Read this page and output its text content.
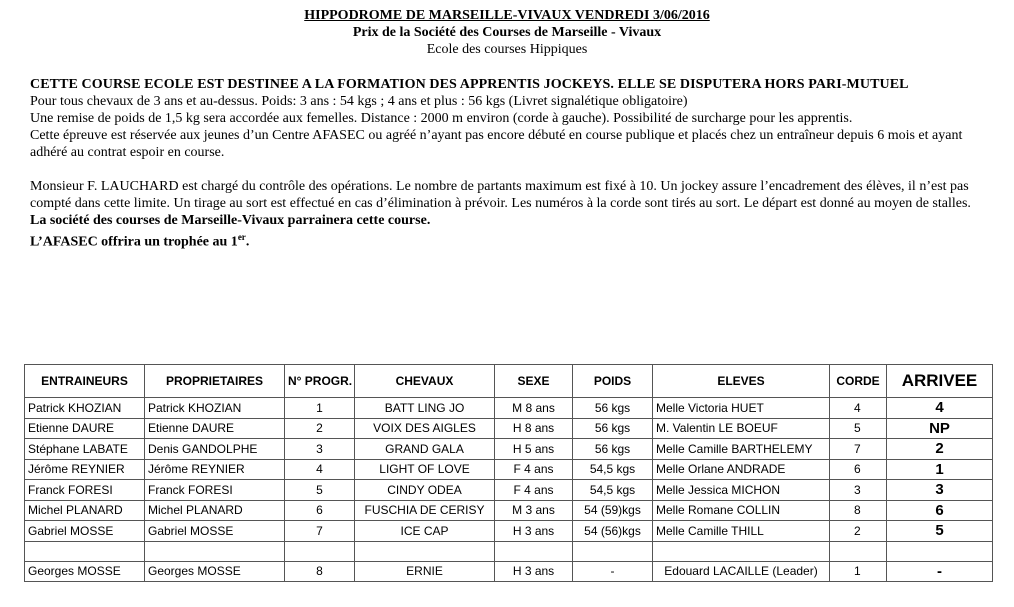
HIPPODROME DE MARSEILLE-VIVAUX VENDREDI 3/06/2016
Prix de la Société des Courses de Marseille - Vivaux
Ecole des courses Hippiques
CETTE COURSE ECOLE EST DESTINEE A LA FORMATION DES APPRENTIS JOCKEYS. ELLE SE DISPUTERA HORS PARI-MUTUEL
Pour tous chevaux de 3 ans et au-dessus. Poids: 3 ans : 54 kgs ; 4 ans et plus : 56 kgs (Livret signalétique obligatoire)
Une remise de poids de 1,5 kg sera accordée aux femelles. Distance : 2000 m environ (corde à gauche). Possibilité de surcharge pour les apprentis.
Cette épreuve est réservée aux jeunes d’un Centre AFASEC ou agréé n’ayant pas encore débuté en course publique et placés chez un entraîneur depuis 6 mois et ayant adhéré au contrat espoir en course.
Monsieur F. LAUCHARD est chargé du contrôle des opérations. Le nombre de partants maximum est fixé à 10. Un jockey assure l’encadrement des élèves, il n’est pas compté dans cette limite. Un tirage au sort est effectué en cas d’élimination à prévoir. Les numéros à la corde sont tirés au sort. Le départ est donné au moyen de stalles.
La société des courses de Marseille-Vivaux parrainera cette course.
L’AFASEC offrira un trophée au 1er.
ENTRAINEURS	PROPRIETAIRES	N° PROGR.	CHEVAUX	SEXE	POIDS	ELEVES	CORDE	ARRIVEE
Patrick KHOZIAN	Patrick KHOZIAN	1	BATT LING JO	M 8 ans	56 kgs	Melle Victoria HUET	4	4
Etienne DAURE	Etienne DAURE	2	VOIX DES AIGLES	H 8 ans	56 kgs	M. Valentin LE BOEUF	5	NP
Stéphane LABATE	Denis GANDOLPHE	3	GRAND GALA	H 5 ans	56 kgs	Melle Camille BARTHELEMY	7	2
Jérôme REYNIER	Jérôme REYNIER	4	LIGHT OF LOVE	F 4 ans	54,5 kgs	Melle Orlane ANDRADE	6	1
Franck FORESI	Franck FORESI	5	CINDY ODEA	F 4 ans	54,5 kgs	Melle Jessica MICHON	3	3
Michel PLANARD	Michel PLANARD	6	FUSCHIA DE CERISY	M 3 ans	54 (59)kgs	Melle Romane COLLIN	8	6
Gabriel MOSSE	Gabriel MOSSE	7	ICE CAP	H 3 ans	54 (56)kgs	Melle Camille THILL	2	5

Georges MOSSE	Georges MOSSE	8	ERNIE	H 3 ans	-	Edouard LACAILLE (Leader)	1	-
